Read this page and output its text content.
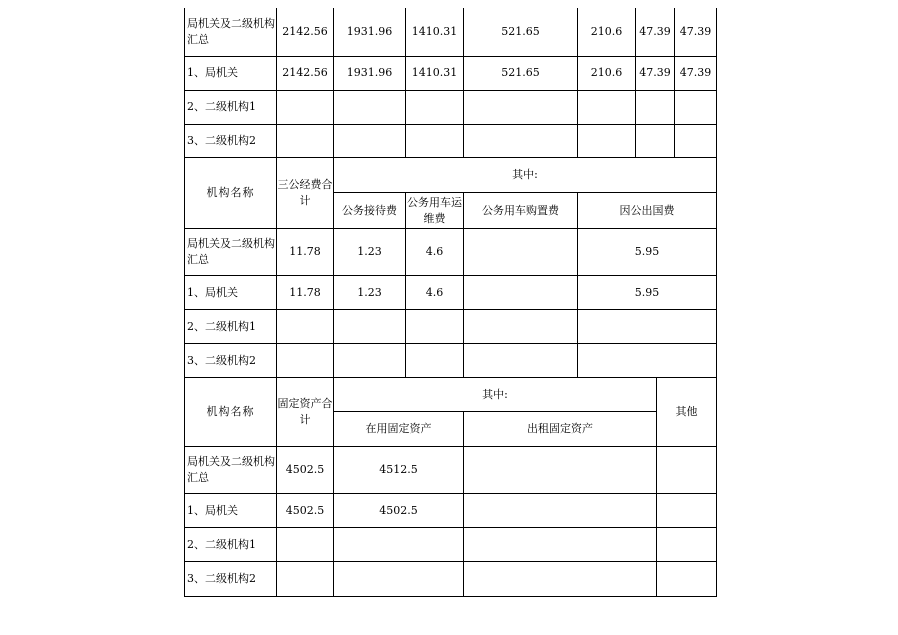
局机关及二级机构汇总	2142.56	1931.96	1410.31	521.65	210.6	47.39	47.39
1、局机关	2142.56	1931.96	1410.31	521.65	210.6	47.39	47.39
2、二级机构1							
3、二级机构2							
机构名称	三公经费合计	其中:			
		公务接待费	公务用车运维费	公务用车购置费	因公出国费
局机关及二级机构汇总	11.78	1.23	4.6		5.95
1、局机关	11.78	1.23	4.6		5.95
2、二级机构1					
3、二级机构2					
机构名称	固定资产合计	其中:		其他
		在用固定资产	出租固定资产	
局机关及二级机构汇总	4502.5	4512.5		
1、局机关	4502.5	4502.5		
2、二级机构1				
3、二级机构2				
